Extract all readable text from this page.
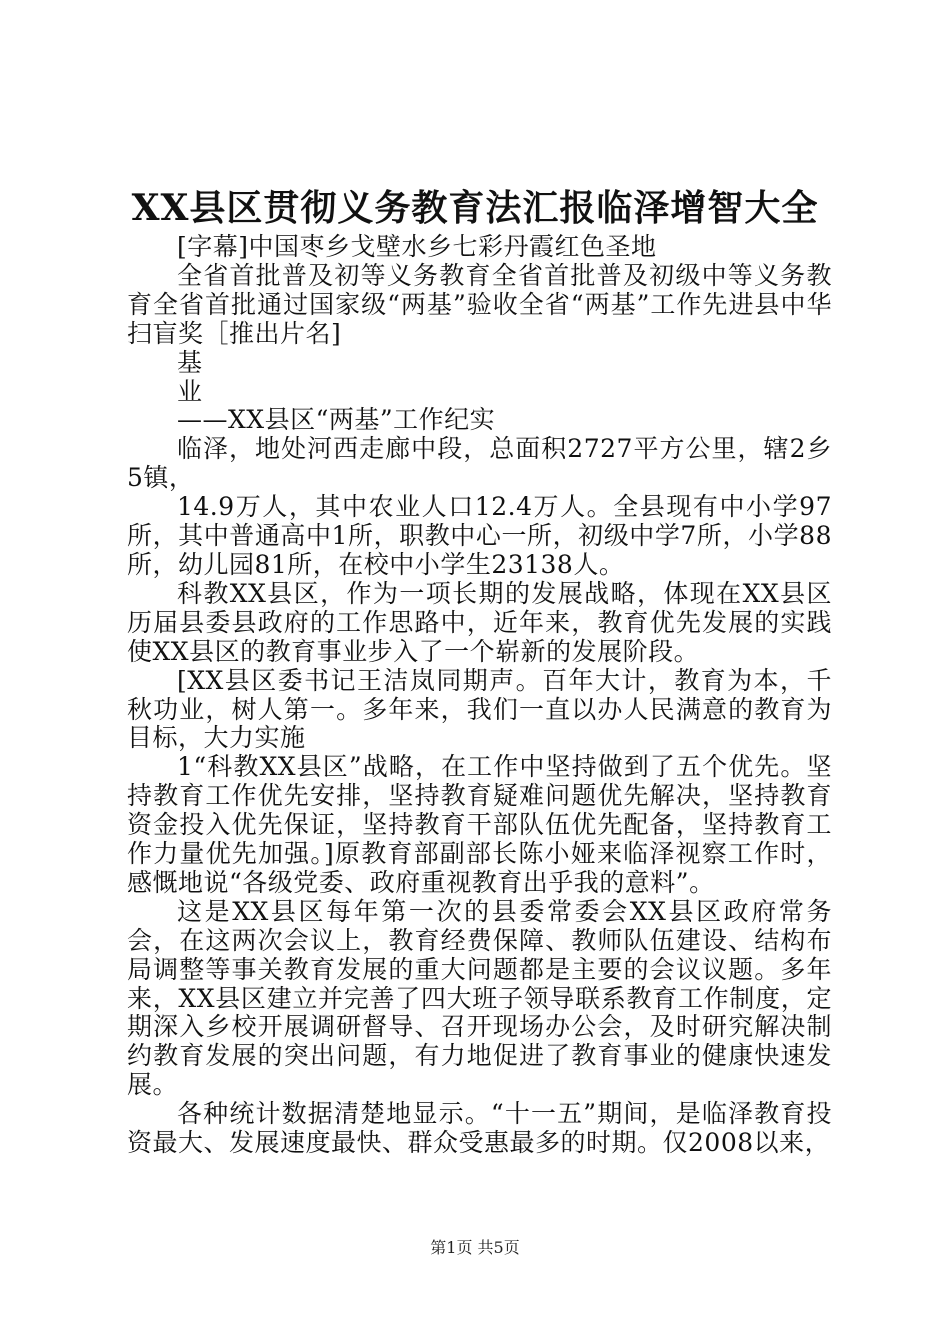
XX县区贯彻义务教育法汇报临泽增智大全

[字幕]中国枣乡戈壁水乡七彩丹霞红色圣地

全省首批普及初等义务教育全省首批普及初级中等义务教育全省首批通过国家级“两基”验收全省“两基”工作先进县中华扫盲奖［推出片名]

基

业

——XX县区“两基”工作纪实

临泽，地处河西走廊中段，总面积2727平方公里，辖2乡5镇，

14.9万人，其中农业人口12.4万人。全县现有中小学97所，其中普通高中1所，职教中心一所，初级中学7所，小学88所，幼儿园81所，在校中小学生23138人。

科教XX县区，作为一项长期的发展战略，体现在XX县区历届县委县政府的工作思路中，近年来，教育优先发展的实践使XX县区的教育事业步入了一个崭新的发展阶段。

[XX县区委书记王洁岚同期声。百年大计，教育为本，千秋功业，树人第一。多年来，我们一直以办人民满意的教育为目标，大力实施

1“科教XX县区”战略，在工作中坚持做到了五个优先。坚持教育工作优先安排，坚持教育疑难问题优先解决，坚持教育资金投入优先保证，坚持教育干部队伍优先配备，坚持教育工作力量优先加强。]原教育部副部长陈小娅来临泽视察工作时，感慨地说“各级党委、政府重视教育出乎我的意料”。

这是XX县区每年第一次的县委常委会XX县区政府常务会，在这两次会议上，教育经费保障、教师队伍建设、结构布局调整等事关教育发展的重大问题都是主要的会议议题。多年来，XX县区建立并完善了四大班子领导联系教育工作制度，定期深入乡校开展调研督导、召开现场办公会，及时研究解决制约教育发展的突出问题，有力地促进了教育事业的健康快速发展。

各种统计数据清楚地显示。“十一五”期间，是临泽教育投资最大、发展速度最快、群众受惠最多的时期。仅2008以来，

第1页 共5页
